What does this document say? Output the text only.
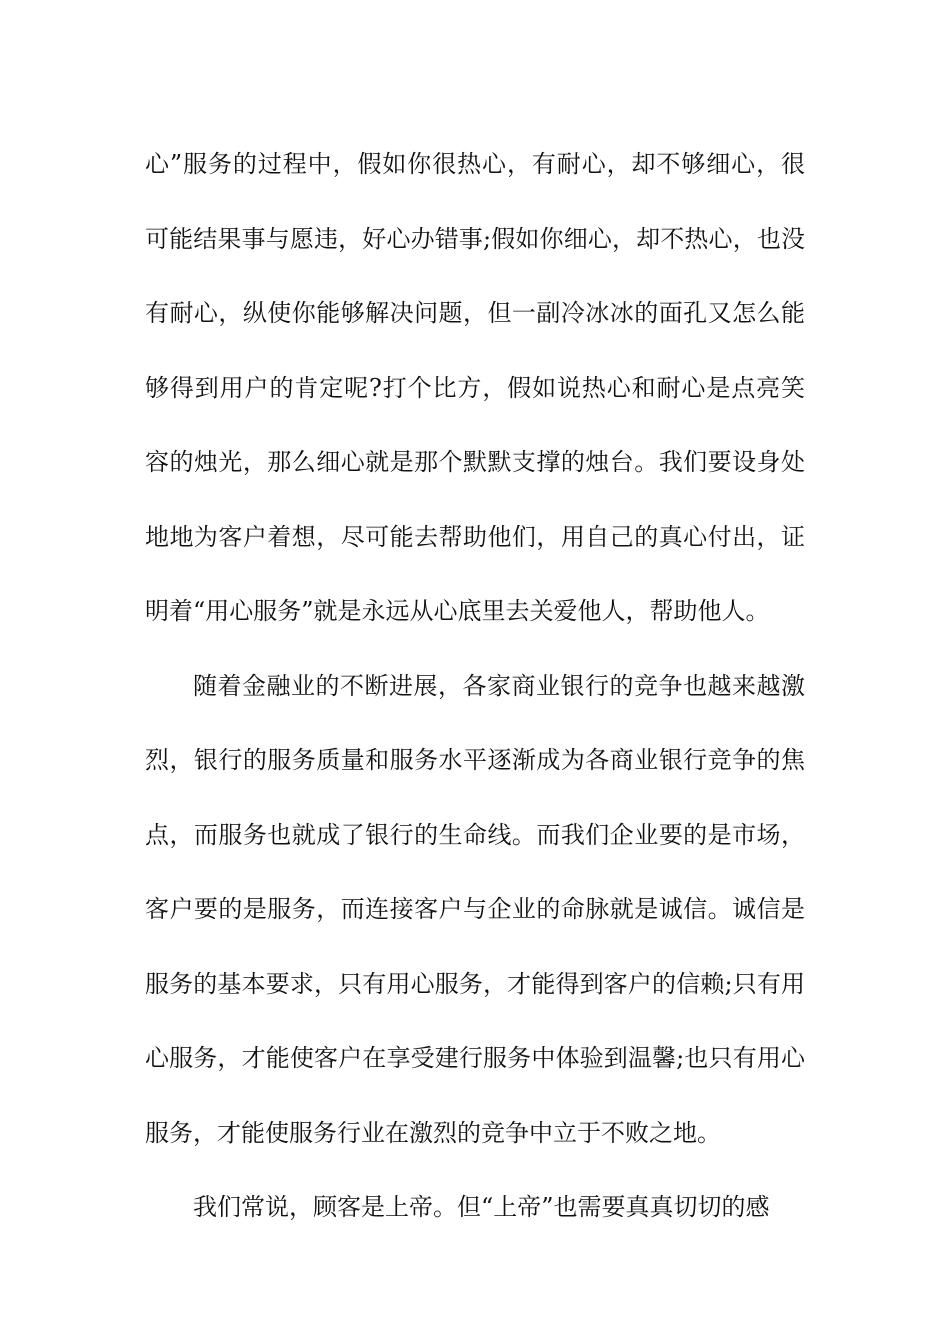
心”服务的过程中，假如你很热心，有耐心，却不够细心，很可能结果事与愿违，好心办错事;假如你细心，却不热心，也没有耐心，纵使你能够解决问题，但一副冷冰冰的面孔又怎么能够得到用户的肯定呢?打个比方，假如说热心和耐心是点亮笑容的烛光，那么细心就是那个默默支撑的烛台。我们要设身处地地为客户着想，尽可能去帮助他们，用自己的真心付出，证明着“用心服务”就是永远从心底里去关爱他人，帮助他人。

随着金融业的不断进展，各家商业银行的竞争也越来越激烈，银行的服务质量和服务水平逐渐成为各商业银行竞争的焦点，而服务也就成了银行的生命线。而我们企业要的是市场，客户要的是服务，而连接客户与企业的命脉就是诚信。诚信是服务的基本要求，只有用心服务，才能得到客户的信赖;只有用心服务，才能使客户在享受建行服务中体验到温馨;也只有用心服务，才能使服务行业在激烈的竞争中立于不败之地。

我们常说，顾客是上帝。但“上帝”也需要真真切切的感
